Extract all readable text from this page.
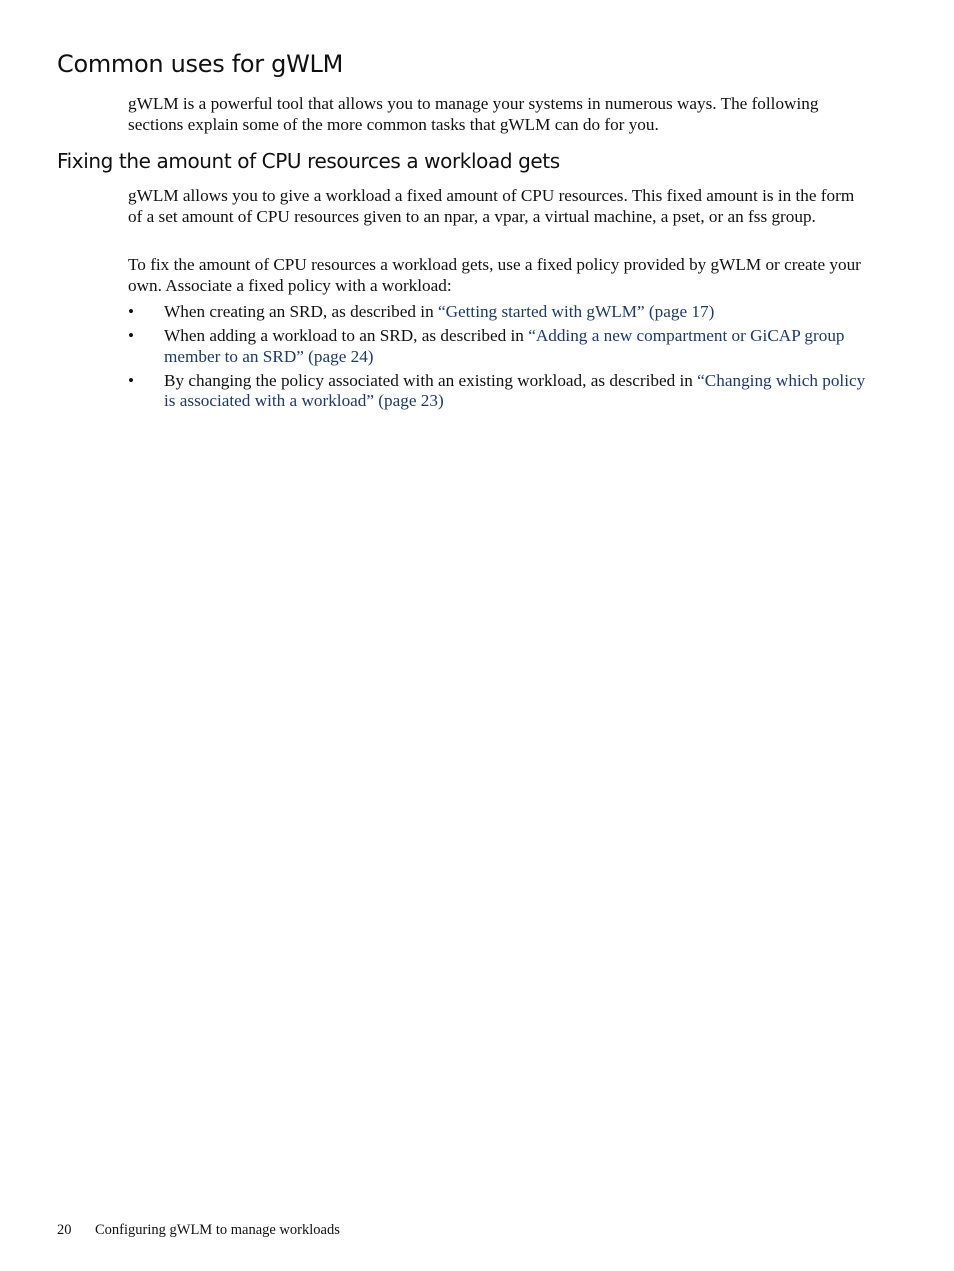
Common uses for gWLM

gWLM is a powerful tool that allows you to manage your systems in numerous ways. The following sections explain some of the more common tasks that gWLM can do for you.

Fixing the amount of CPU resources a workload gets

gWLM allows you to give a workload a fixed amount of CPU resources. This fixed amount is in the form of a set amount of CPU resources given to an npar, a vpar, a virtual machine, a pset, or an fss group.

To fix the amount of CPU resources a workload gets, use a fixed policy provided by gWLM or create your own. Associate a fixed policy with a workload:

•	When creating an SRD, as described in “Getting started with gWLM” (page 17)
•	When adding a workload to an SRD, as described in “Adding a new compartment or GiCAP group member to an SRD” (page 24)
•	By changing the policy associated with an existing workload, as described in “Changing which policy is associated with a workload” (page 23)
20 Configuring gWLM to manage workloads
